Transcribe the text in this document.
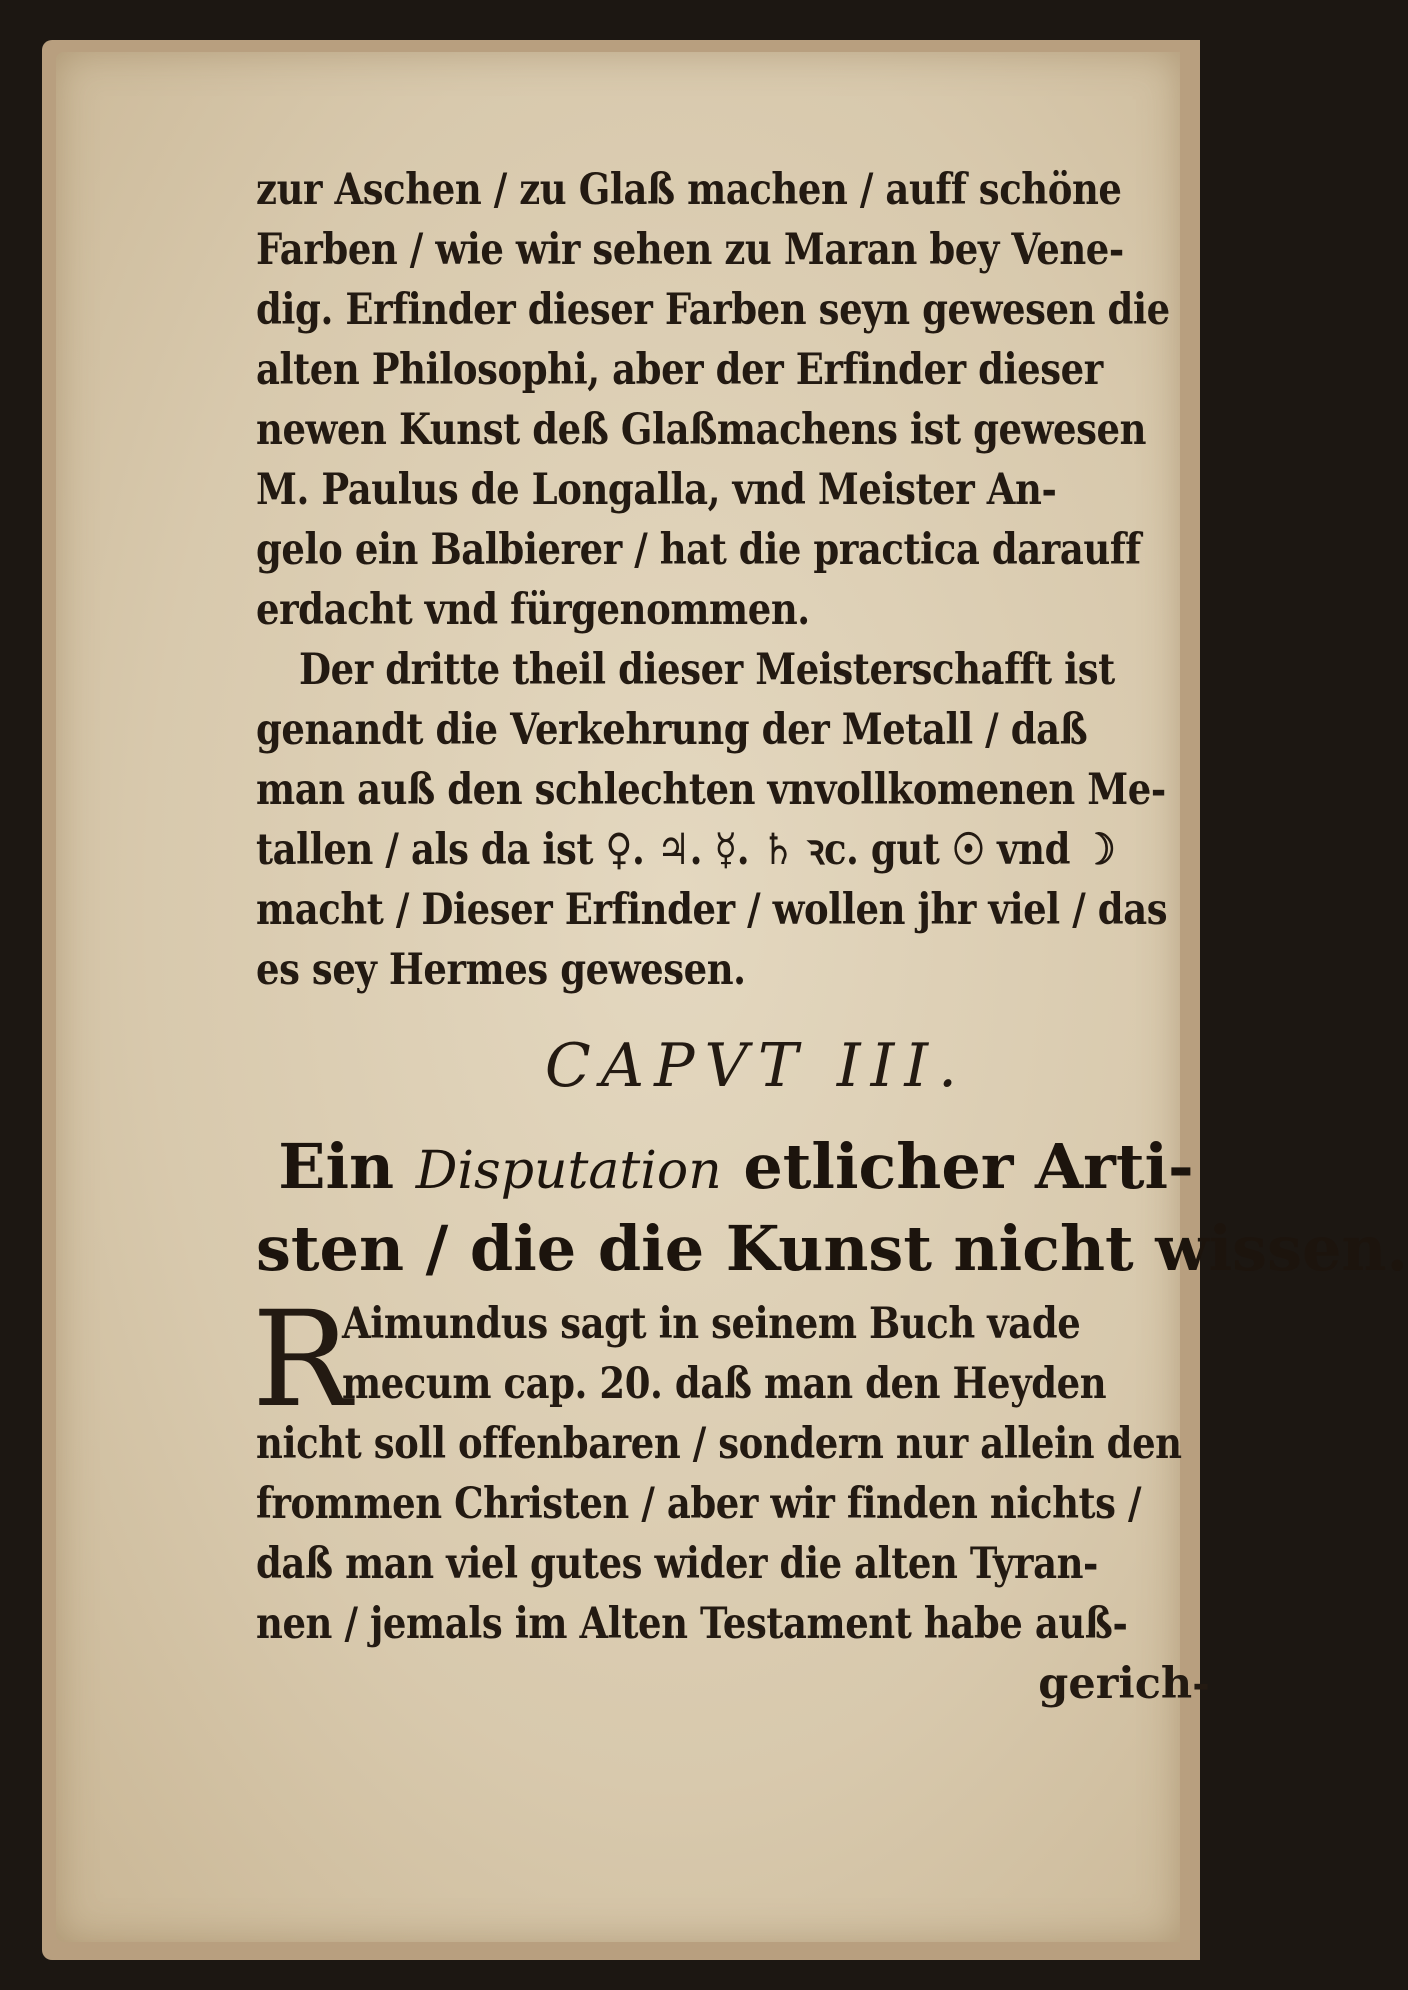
zur Aschen / zu Glaß machen / auff schöne
Farben / wie wir sehen zu Maran bey Vene-
dig. Erfinder dieser Farben seyn gewesen die
alten Philosophi, aber der Erfinder dieser
newen Kunst deß Glaßmachens ist gewesen
M. Paulus de Longalla, vnd Meister An-
gelo ein Balbierer / hat die practica darauff
erdacht vnd fürgenommen.
Der dritte theil dieser Meisterschafft ist
genandt die Verkehrung der Metall / daß
man auß den schlechten vnvollkomenen Me-
tallen / als da ist ♀. ♃. ☿. ♄ ꝛc. gut ☉ vnd ☽
macht / Dieser Erfinder / wollen jhr viel / das
es sey Hermes gewesen.
CAPVT III.
Ein Disputation etlicher Arti-
sten / die die Kunst nicht wissen.
R
Aimundus sagt in seinem Buch vade
mecum cap. 20. daß man den Heyden
nicht soll offenbaren / sondern nur allein den
frommen Christen / aber wir finden nichts /
daß man viel gutes wider die alten Tyran-
nen / jemals im Alten Testament habe auß-
gerich-
